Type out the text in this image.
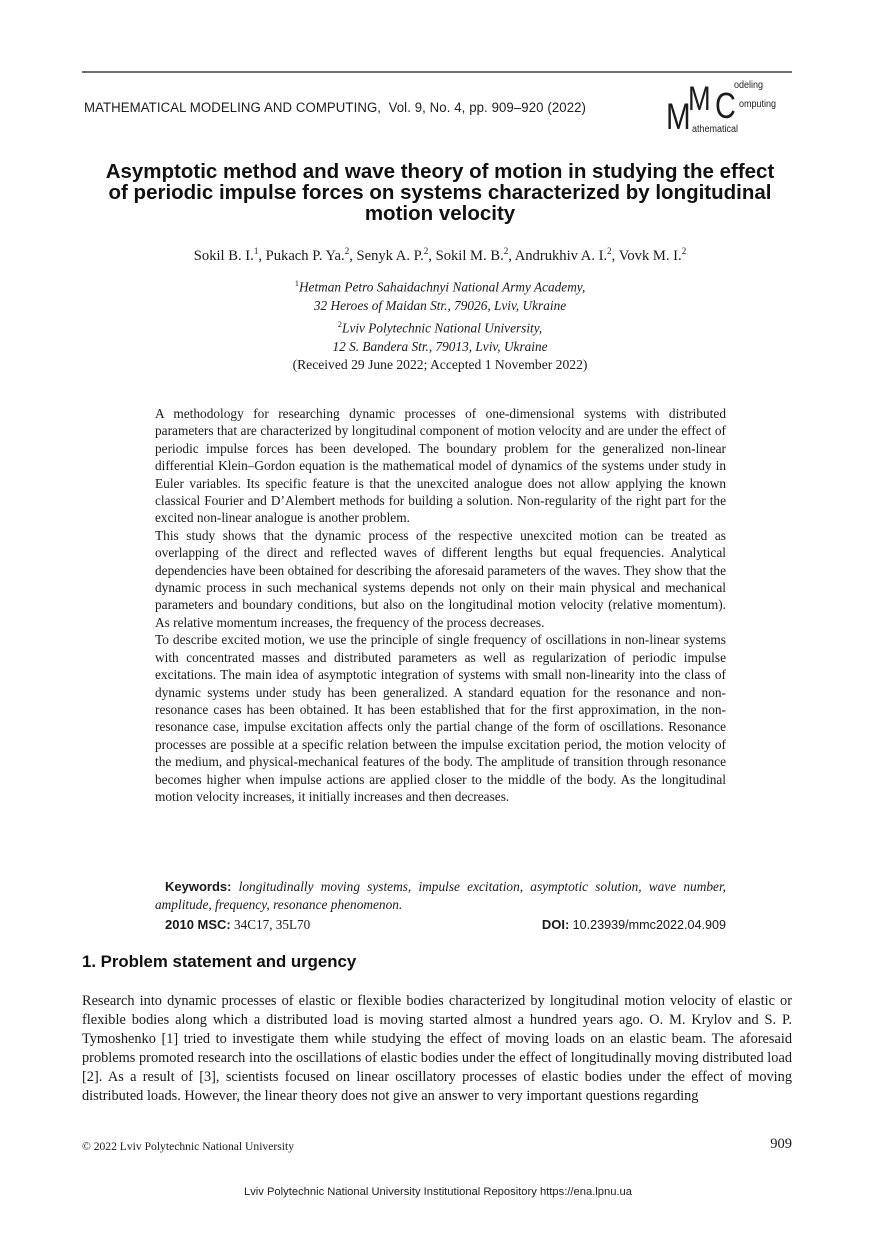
MATHEMATICAL MODELING AND COMPUTING, Vol. 9, No. 4, pp. 909–920 (2022) M
M C
odeling
omputing
athematical
Asymptotic method and wave theory of motion in studying the effect
of periodic impulse forces on systems characterized by longitudinal
motion velocity
Sokil B. I.$^1$, Pukach P. Ya.$^2$, Senyk A. P.$^2$, Sokil M. B.$^2$, Andrukhiv A. I.$^2$, Vovk M. I.$^2$
$^1$Hetman Petro Sahaidachnyi National Army Academy,
32 Heroes of Maidan Str., 79026, Lviv, Ukraine
$^2$Lviv Polytechnic National University,
12 S. Bandera Str., 79013, Lviv, Ukraine
(Received 29 June 2022; Accepted 1 November 2022)

A methodology for researching dynamic processes of one-dimensional systems with distributed parameters that are characterized by longitudinal component of motion velocity and are under the effect of periodic impulse forces has been developed. The boundary problem for the generalized non-linear differential Klein–Gordon equation is the mathematical model of dynamics of the systems under study in Euler variables. Its specific feature is that the unexcited analogue does not allow applying the known classical Fourier and D’Alembert methods for building a solution. Non-regularity of the right part for the excited non-linear analogue is another problem.

This study shows that the dynamic process of the respective unexcited motion can be treated as overlapping of the direct and reflected waves of different lengths but equal frequencies. Analytical dependencies have been obtained for describing the aforesaid parameters of the waves. They show that the dynamic process in such mechanical systems depends not only on their main physical and mechanical parameters and boundary conditions, but also on the longitudinal motion velocity (relative momentum). As relative momentum increases, the frequency of the process decreases.

To describe excited motion, we use the principle of single frequency of oscillations in non-linear systems with concentrated masses and distributed parameters as well as regularization of periodic impulse excitations. The main idea of asymptotic integration of systems with small non-linearity into the class of dynamic systems under study has been generalized. A standard equation for the resonance and non-resonance cases has been obtained. It has been established that for the first approximation, in the non-resonance case, impulse excitation affects only the partial change of the form of oscillations. Resonance processes are possible at a specific relation between the impulse excitation period, the motion velocity of the medium, and physical-mechanical features of the body. The amplitude of transition through resonance becomes higher when impulse actions are applied closer to the middle of the body. As the longitudinal motion velocity increases, it initially increases and then decreases.

Keywords: longitudinally moving systems, impulse excitation, asymptotic solution, wave number, amplitude, frequency, resonance phenomenon.
2010 MSC: 34C17, 35L70	DOI: 10.23939/mmc2022.04.909
1. Problem statement and urgency

Research into dynamic processes of elastic or flexible bodies characterized by longitudinal motion velocity of elastic or flexible bodies along which a distributed load is moving started almost a hundred years ago. O. M. Krylov and S. P. Tymoshenko [1] tried to investigate them while studying the effect of moving loads on an elastic beam. The aforesaid problems promoted research into the oscillations of elastic bodies under the effect of longitudinally moving distributed load [2]. As a result of [3], scientists focused on linear oscillatory processes of elastic bodies under the effect of moving distributed loads. However, the linear theory does not give an answer to very important questions regarding

© 2022 Lviv Polytechnic National University	909
Lviv Polytechnic National University Institutional Repository https://ena.lpnu.ua
